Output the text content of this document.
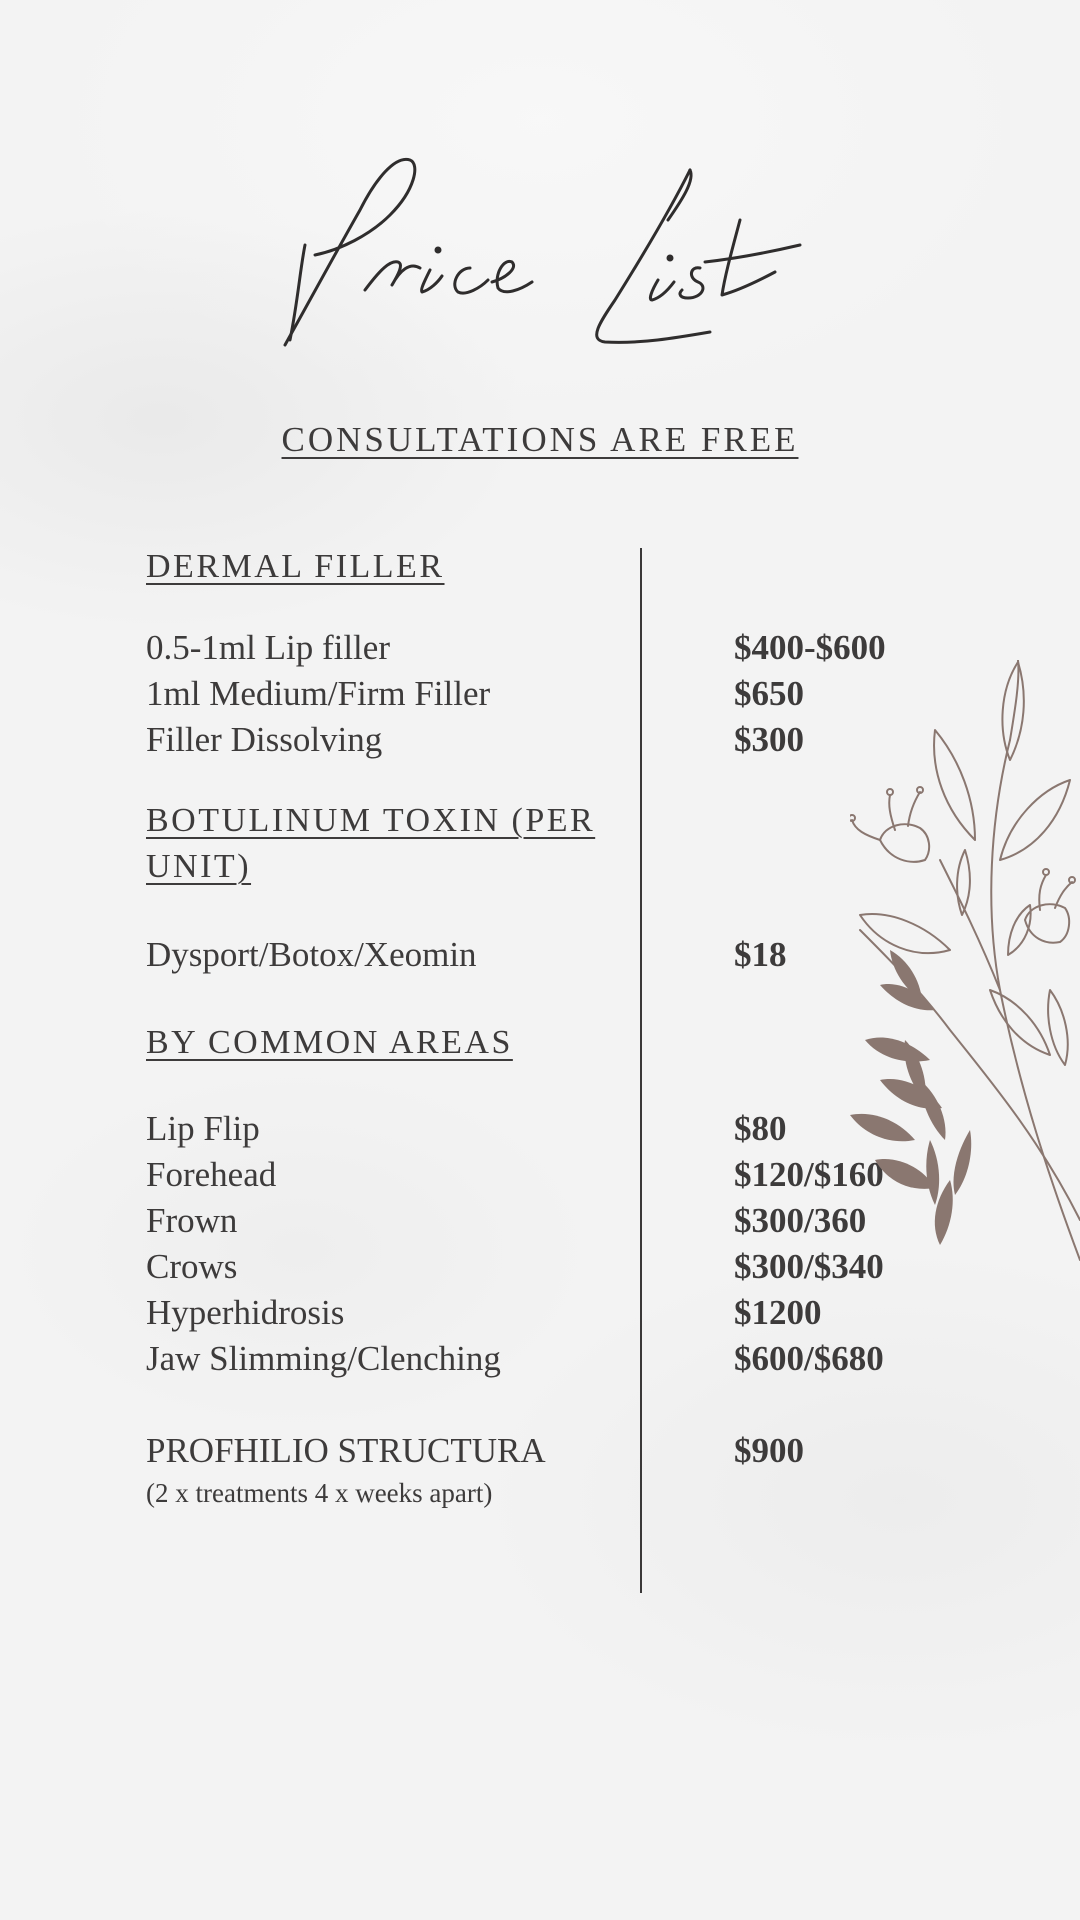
CONSULTATIONS ARE FREE
DERMAL FILLER
0.5-1ml Lip filler	$400-$600
1ml Medium/Firm Filler	$650
Filler Dissolving	$300
BOTULINUM TOXIN (PER UNIT)
Dysport/Botox/Xeomin	$18
BY COMMON AREAS
Lip Flip	$80
Forehead	$120/$160
Frown	$300/360
Crows	$300/$340
Hyperhidrosis	$1200
Jaw Slimming/Clenching	$600/$680
PROFHILIO STRUCTURA	$900
(2 x treatments 4 x weeks apart)
